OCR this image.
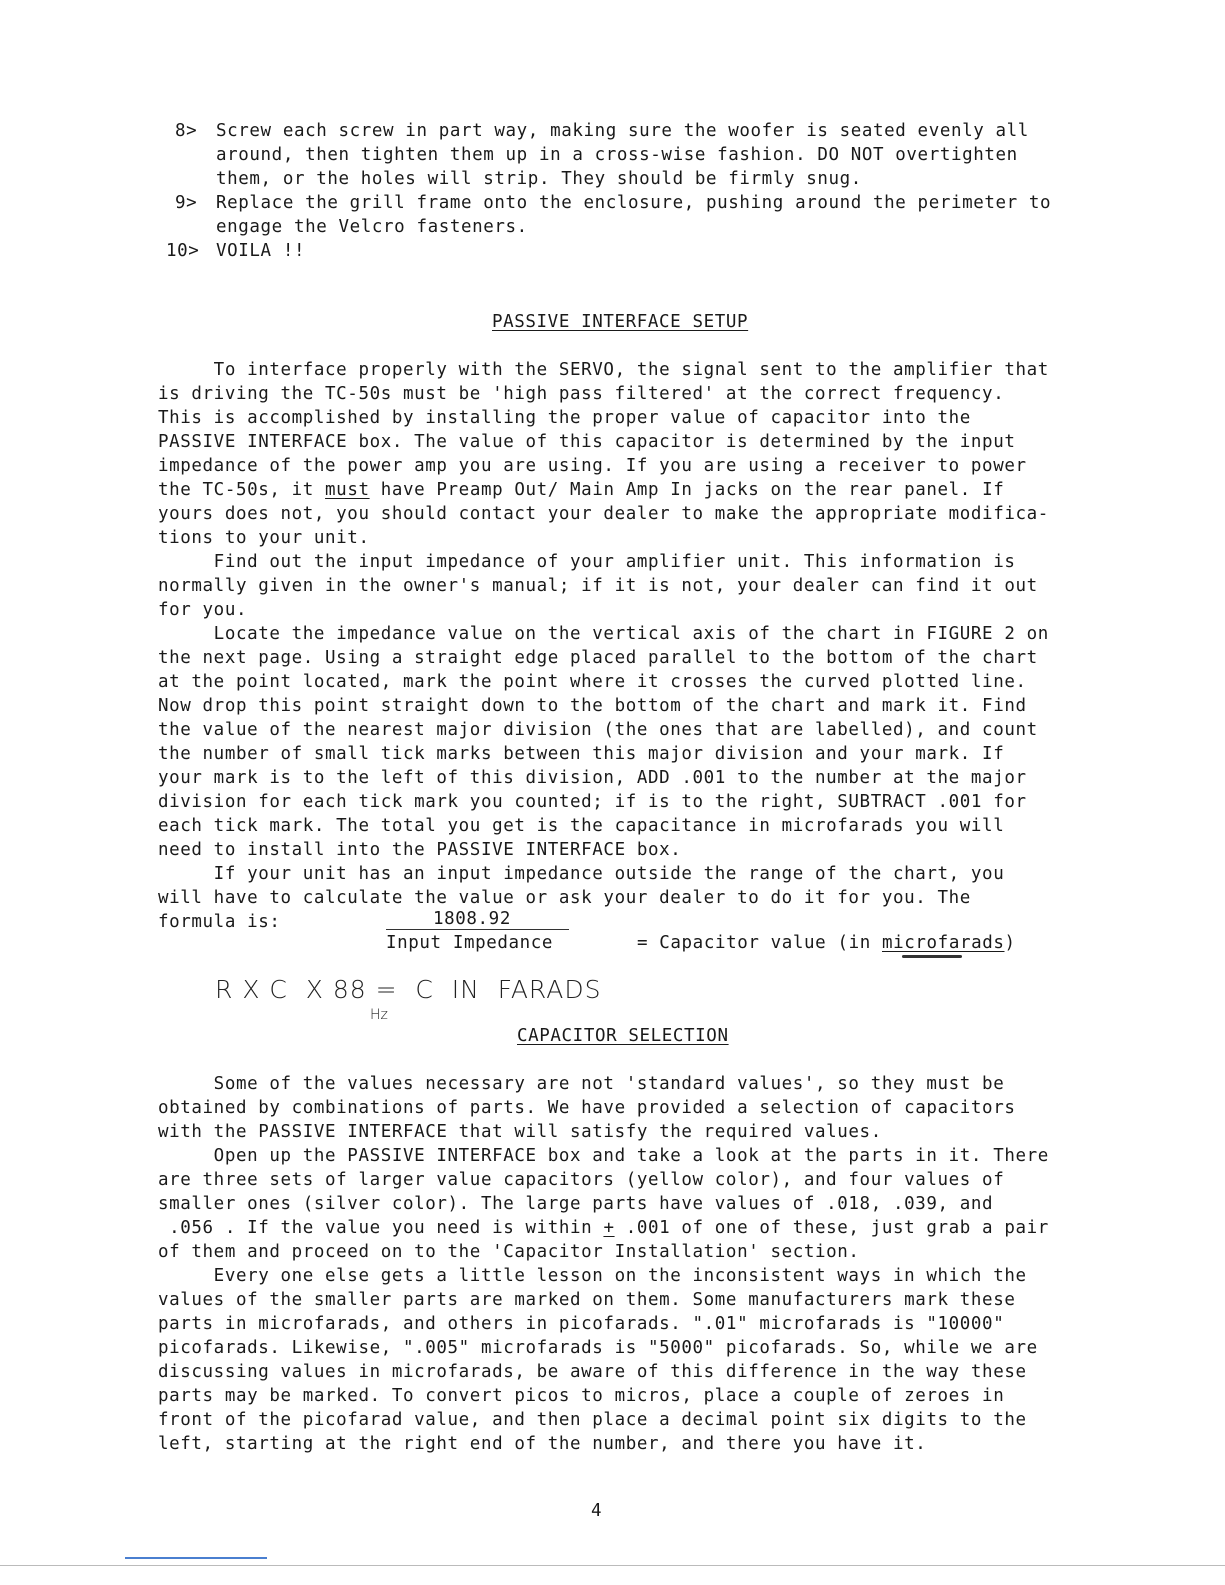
8> Screw each screw in part way, making sure the woofer is seated evenly all
around, then tighten them up in a cross-wise fashion. DO NOT overtighten
them, or the holes will strip. They should be firmly snug.
9> Replace the grill frame onto the enclosure, pushing around the perimeter to
engage the Velcro fasteners.
10> VOILA !!
PASSIVE INTERFACE SETUP
To interface properly with the SERVO, the signal sent to the amplifier that
is driving the TC-50s must be 'high pass filtered' at the correct frequency.
This is accomplished by installing the proper value of capacitor into the
PASSIVE INTERFACE box. The value of this capacitor is determined by the input
impedance of the power amp you are using. If you are using a receiver to power
the TC-50s, it must have Preamp Out/ Main Amp In jacks on the rear panel. If
yours does not, you should contact your dealer to make the appropriate modifica-
tions to your unit.
Find out the input impedance of your amplifier unit. This information is
normally given in the owner's manual; if it is not, your dealer can find it out
for you.
Locate the impedance value on the vertical axis of the chart in FIGURE 2 on
the next page. Using a straight edge placed parallel to the bottom of the chart
at the point located, mark the point where it crosses the curved plotted line.
Now drop this point straight down to the bottom of the chart and mark it. Find
the value of the nearest major division (the ones that are labelled), and count
the number of small tick marks between this major division and your mark. If
your mark is to the left of this division, ADD .001 to the number at the major
division for each tick mark you counted; if is to the right, SUBTRACT .001 for
each tick mark. The total you get is the capacitance in microfarads you will
need to install into the PASSIVE INTERFACE box.
If your unit has an input impedance outside the range of the chart, you
will have to calculate the value or ask your dealer to do it for you. The
formula is:	1808.92
Input Impedance	= Capacitor value (in microfarads)
R X C  X 88 =  C  IN  FARADS
Hz
CAPACITOR SELECTION
Some of the values necessary are not 'standard values', so they must be
obtained by combinations of parts. We have provided a selection of capacitors
with the PASSIVE INTERFACE that will satisfy the required values.
Open up the PASSIVE INTERFACE box and take a look at the parts in it. There
are three sets of larger value capacitors (yellow color), and four values of
smaller ones (silver color). The large parts have values of .018, .039, and
.056 . If the value you need is within + .001 of one of these, just grab a pair
of them and proceed on to the 'Capacitor Installation' section.
Every one else gets a little lesson on the inconsistent ways in which the
values of the smaller parts are marked on them. Some manufacturers mark these
parts in microfarads, and others in picofarads. ".01" microfarads is "10000"
picofarads. Likewise, ".005" microfarads is "5000" picofarads. So, while we are
discussing values in microfarads, be aware of this difference in the way these
parts may be marked. To convert picos to micros, place a couple of zeroes in
front of the picofarad value, and then place a decimal point six digits to the
left, starting at the right end of the number, and there you have it.
4
